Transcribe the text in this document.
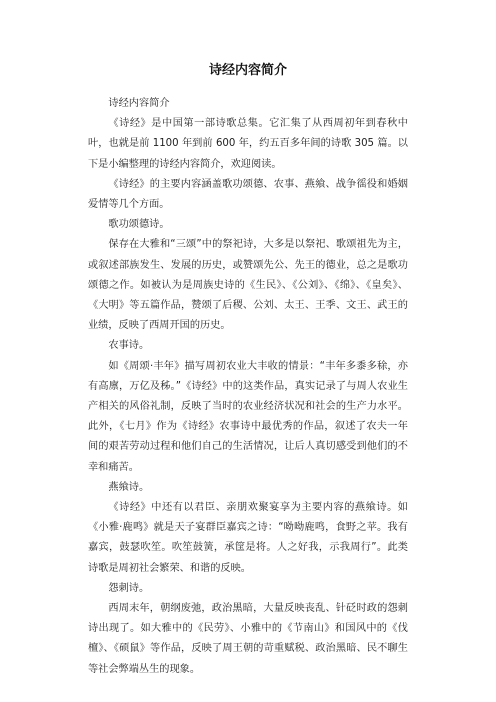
诗经内容简介

诗经内容简介

《诗经》是中国第一部诗歌总集。它汇集了从西周初年到春秋中叶，也就是前 1100 年到前 600 年，约五百多年间的诗歌 305 篇。以下是小编整理的诗经内容简介，欢迎阅读。

《诗经》的主要内容涵盖歌功颂德、农事、燕飨、战争徭役和婚姻爱情等几个方面。

歌功颂德诗。

保存在大雅和“三颂”中的祭祀诗，大多是以祭祀、歌颂祖先为主，或叙述部族发生、发展的历史，或赞颂先公、先王的德业，总之是歌功颂德之作。如被认为是周族史诗的《生民》、《公刘》、《绵》、《皇矣》、《大明》等五篇作品，赞颂了后稷、公刘、太王、王季、文王、武王的业绩，反映了西周开国的历史。

农事诗。

如《周颂·丰年》描写周初农业大丰收的情景：“丰年多黍多稌，亦有高廪，万亿及秭。”《诗经》中的这类作品，真实记录了与周人农业生产相关的风俗礼制，反映了当时的农业经济状况和社会的生产力水平。此外，《七月》作为《诗经》农事诗中最优秀的作品，叙述了农夫一年间的艰苦劳动过程和他们自己的生活情况，让后人真切感受到他们的不幸和痛苦。

燕飨诗。

《诗经》中还有以君臣、亲朋欢聚宴享为主要内容的燕飨诗。如《小雅·鹿鸣》就是天子宴群臣嘉宾之诗：“呦呦鹿鸣，食野之苹。我有嘉宾，鼓瑟吹笙。吹笙鼓簧，承筐是将。人之好我，示我周行”。此类诗歌是周初社会繁荣、和谐的反映。

怨刺诗。

西周末年，朝纲废弛，政治黑暗，大量反映丧乱、针砭时政的怨刺诗出现了。如大雅中的《民劳》、小雅中的《节南山》和国风中的《伐檀》、《硕鼠》等作品，反映了周王朝的苛重赋税、政治黑暗、民不聊生等社会弊端丛生的现象。
